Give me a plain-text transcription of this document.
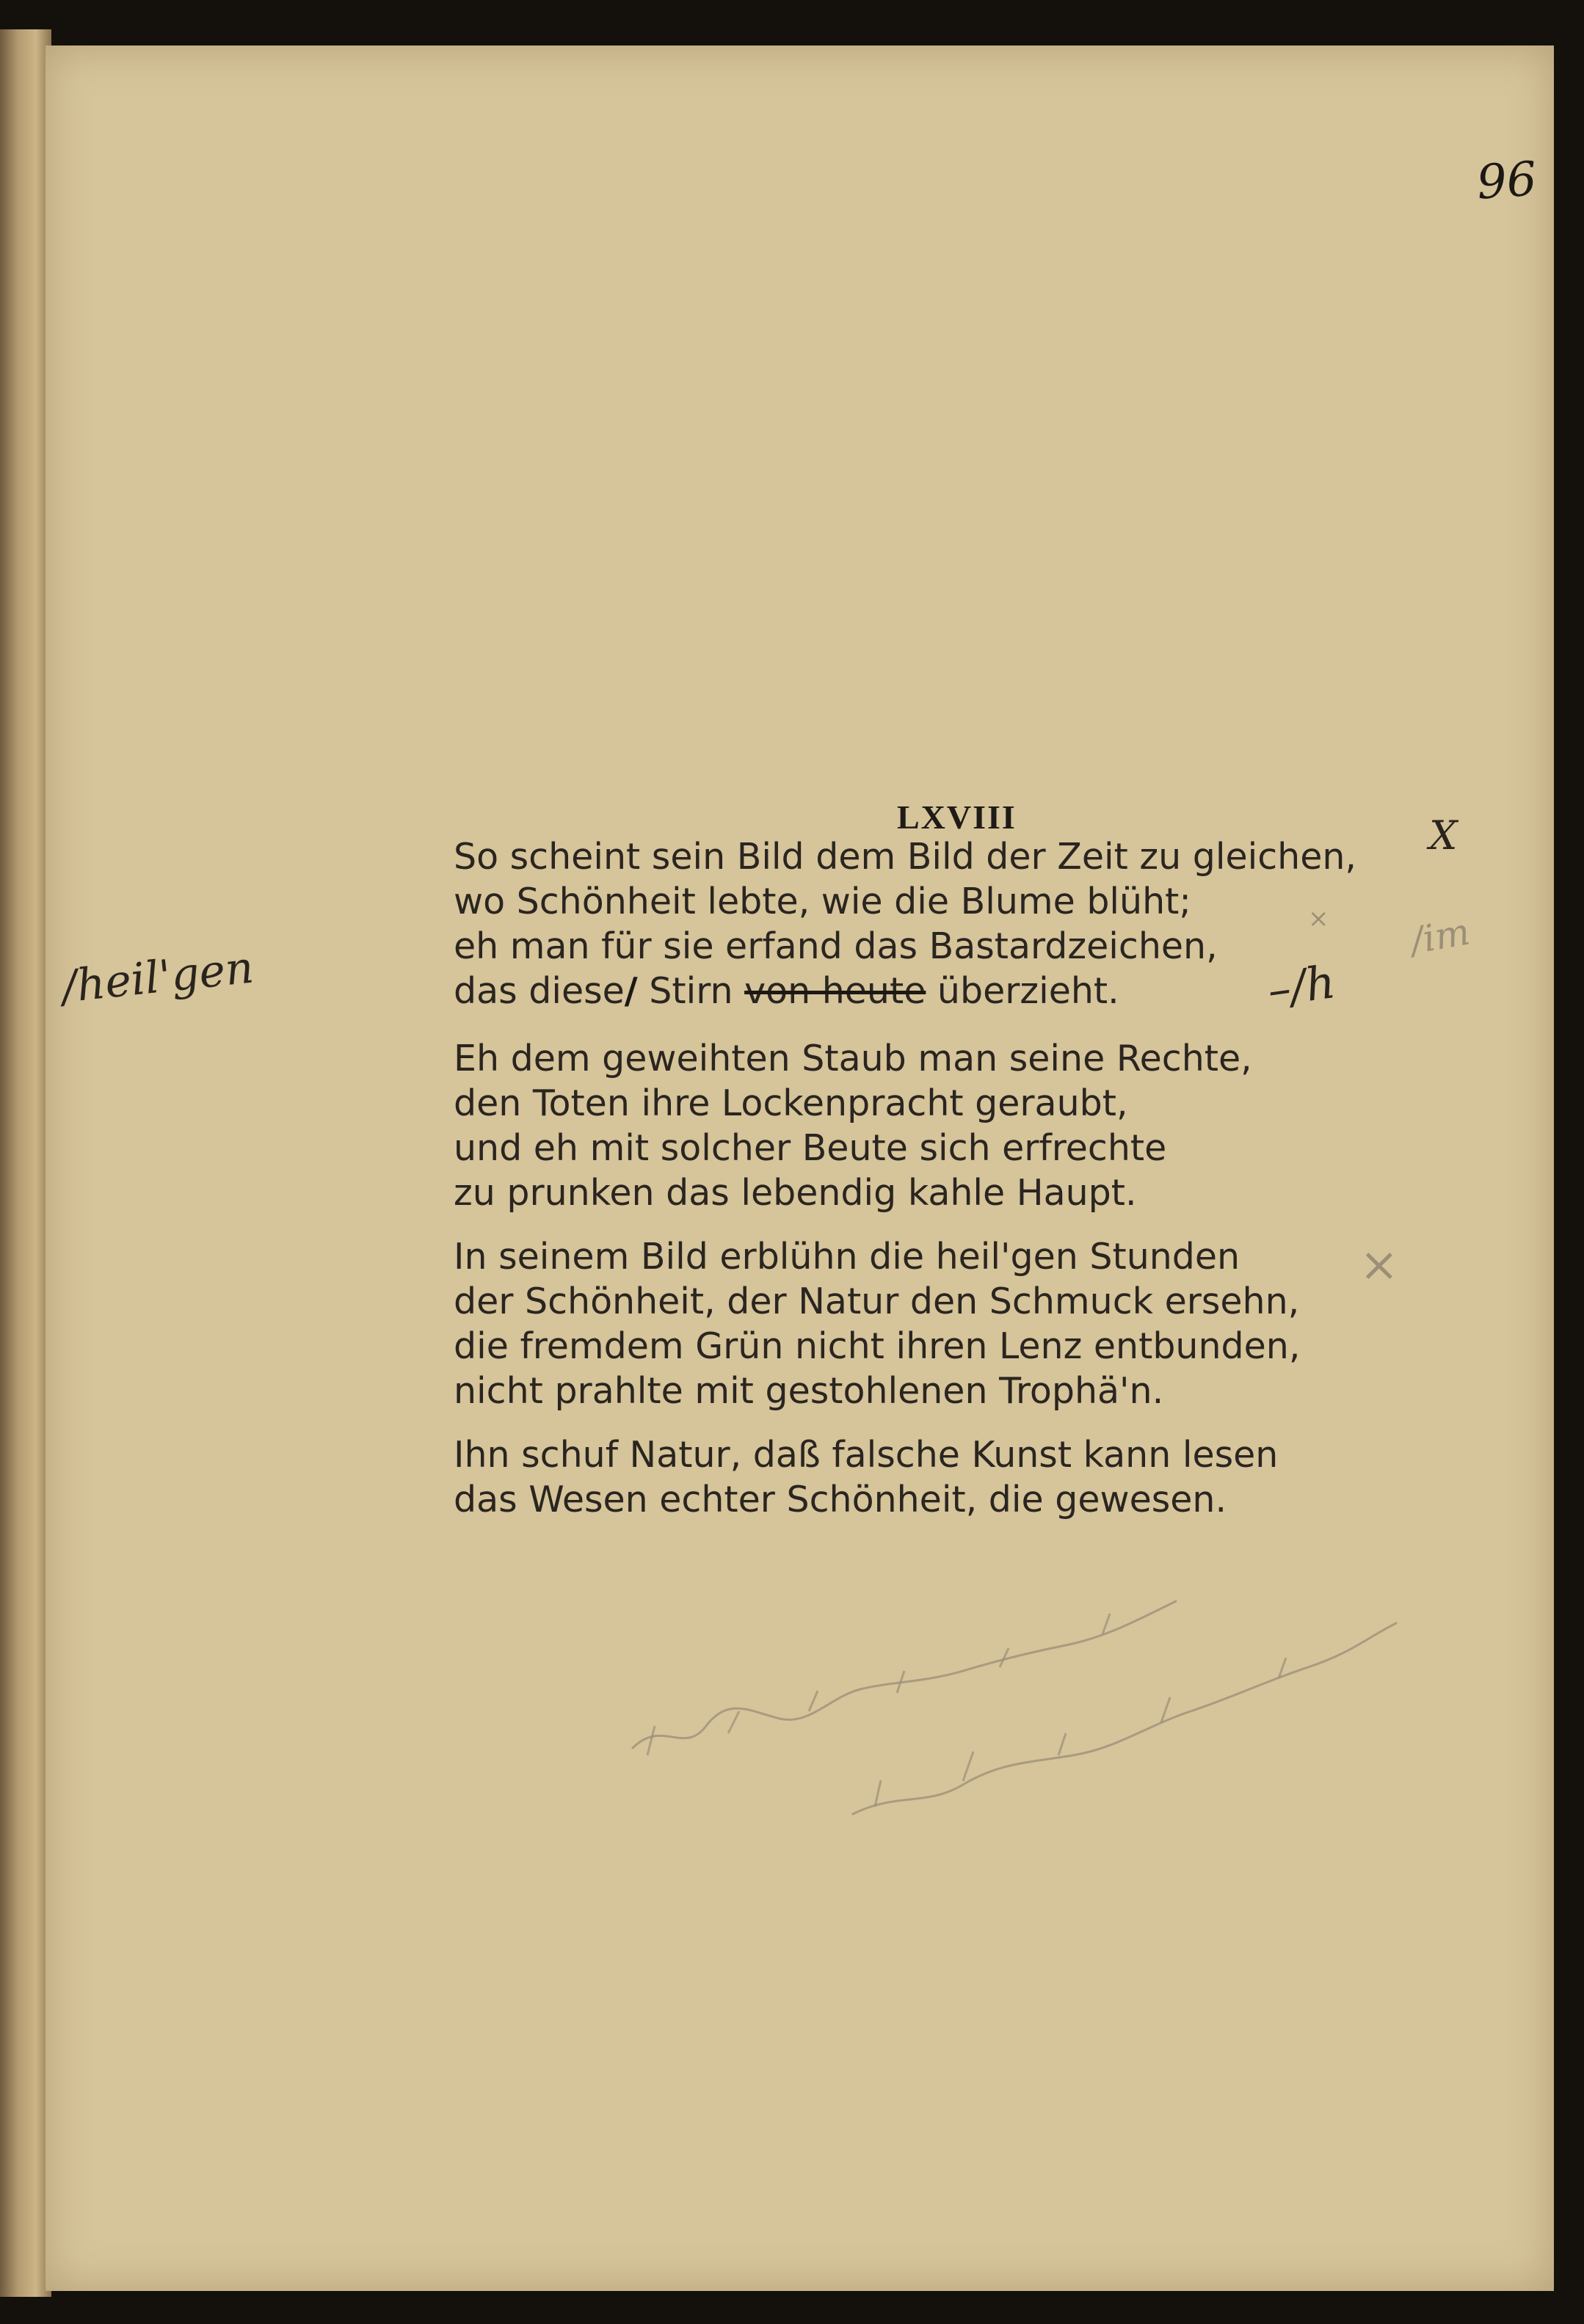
96
LXVIII
So scheint sein Bild dem Bild der Zeit zu gleichen,
wo Schönheit lebte, wie die Blume blüht;
eh man für sie erfand das Bastardzeichen,
das diese/ Stirn von heute überzieht.
Eh dem geweihten Staub man seine Rechte,
den Toten ihre Lockenpracht geraubt,
und eh mit solcher Beute sich erfrechte
zu prunken das lebendig kahle Haupt.
In seinem Bild erblühn die heil'gen Stunden
der Schönheit, der Natur den Schmuck ersehn,
die fremdem Grün nicht ihren Lenz entbunden,
nicht prahlte mit gestohlenen Trophä'n.
Ihn schuf Natur, daß falsche Kunst kann lesen
das Wesen echter Schönheit, die gewesen.
/heil'gen
X
× /im
–/h
×
